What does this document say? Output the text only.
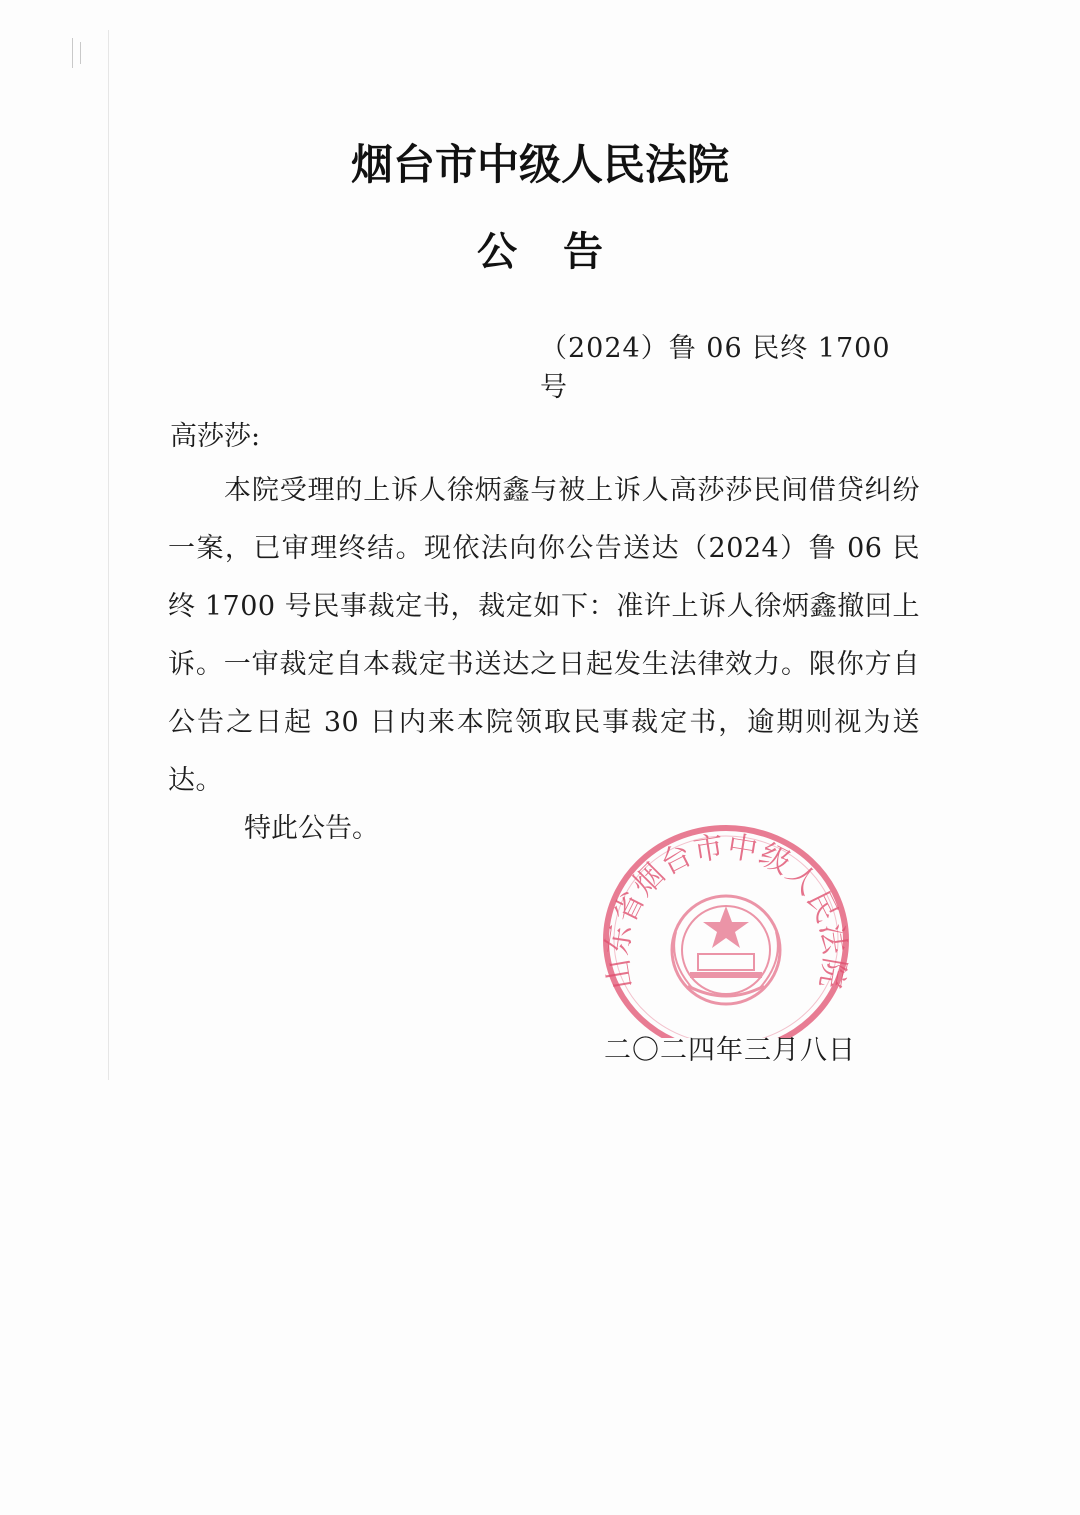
烟台市中级人民法院
公 告
（2024）鲁 06 民终 1700 号
高莎莎:

本院受理的上诉人徐炳鑫与被上诉人高莎莎民间借贷纠纷一案，已审理终结。现依法向你公告送达（2024）鲁 06 民终 1700 号民事裁定书，裁定如下：准许上诉人徐炳鑫撤回上诉。一审裁定自本裁定书送达之日起发生法律效力。限你方自公告之日起 30 日内来本院领取民事裁定书，逾期则视为送达。

特此公告。
山东省烟台市中级人民法院
二〇二四年三月八日
